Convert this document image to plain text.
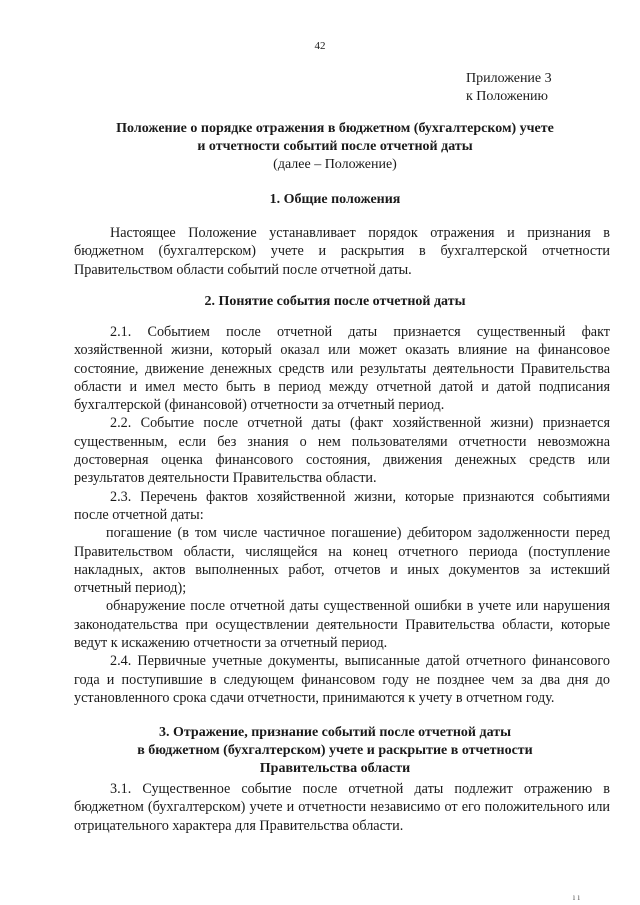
42
Приложение 3
к Положению
Положение о порядке отражения в бюджетном (бухгалтерском) учете
и отчетности событий после отчетной даты
(далее – Положение)
1. Общие положения

Настоящее Положение устанавливает порядок отражения и признания в бюджетном (бухгалтерском) учете и раскрытия в бухгалтерской отчетности Правительством области событий после отчетной даты.

2. Понятие события после отчетной даты

2.1. Событием после отчетной даты признается существенный факт хозяйственной жизни, который оказал или может оказать влияние на финансовое состояние, движение денежных средств или результаты деятельности Правительства области и имел место быть в период между отчетной датой и датой подписания бухгалтерской (финансовой) отчетности за отчетный период.

2.2. Событие после отчетной даты (факт хозяйственной жизни) признается существенным, если без знания о нем пользователями отчетности невозможна достоверная оценка финансового состояния, движения денежных средств или результатов деятельности Правительства области.

2.3. Перечень фактов хозяйственной жизни, которые признаются событиями после отчетной даты:

погашение (в том числе частичное погашение) дебитором задолженности перед Правительством области, числящейся на конец отчетного периода (поступление накладных, актов выполненных работ, отчетов и иных документов за истекший отчетный период);

обнаружение после отчетной даты существенной ошибки в учете или нарушения законодательства при осуществлении деятельности Правительства области, которые ведут к искажению отчетности за отчетный период.

2.4. Первичные учетные документы, выписанные датой отчетного финансового года и поступившие в следующем финансовом году не позднее чем за два дня до установленного срока сдачи отчетности, принимаются к учету в отчетном году.

3. Отражение, признание событий после отчетной даты
в бюджетном (бухгалтерском) учете и раскрытие в отчетности
Правительства области

3.1. Существенное событие после отчетной даты подлежит отражению в бюджетном (бухгалтерском) учете и отчетности независимо от его положительного или отрицательного характера для Правительства области.

ı ı
